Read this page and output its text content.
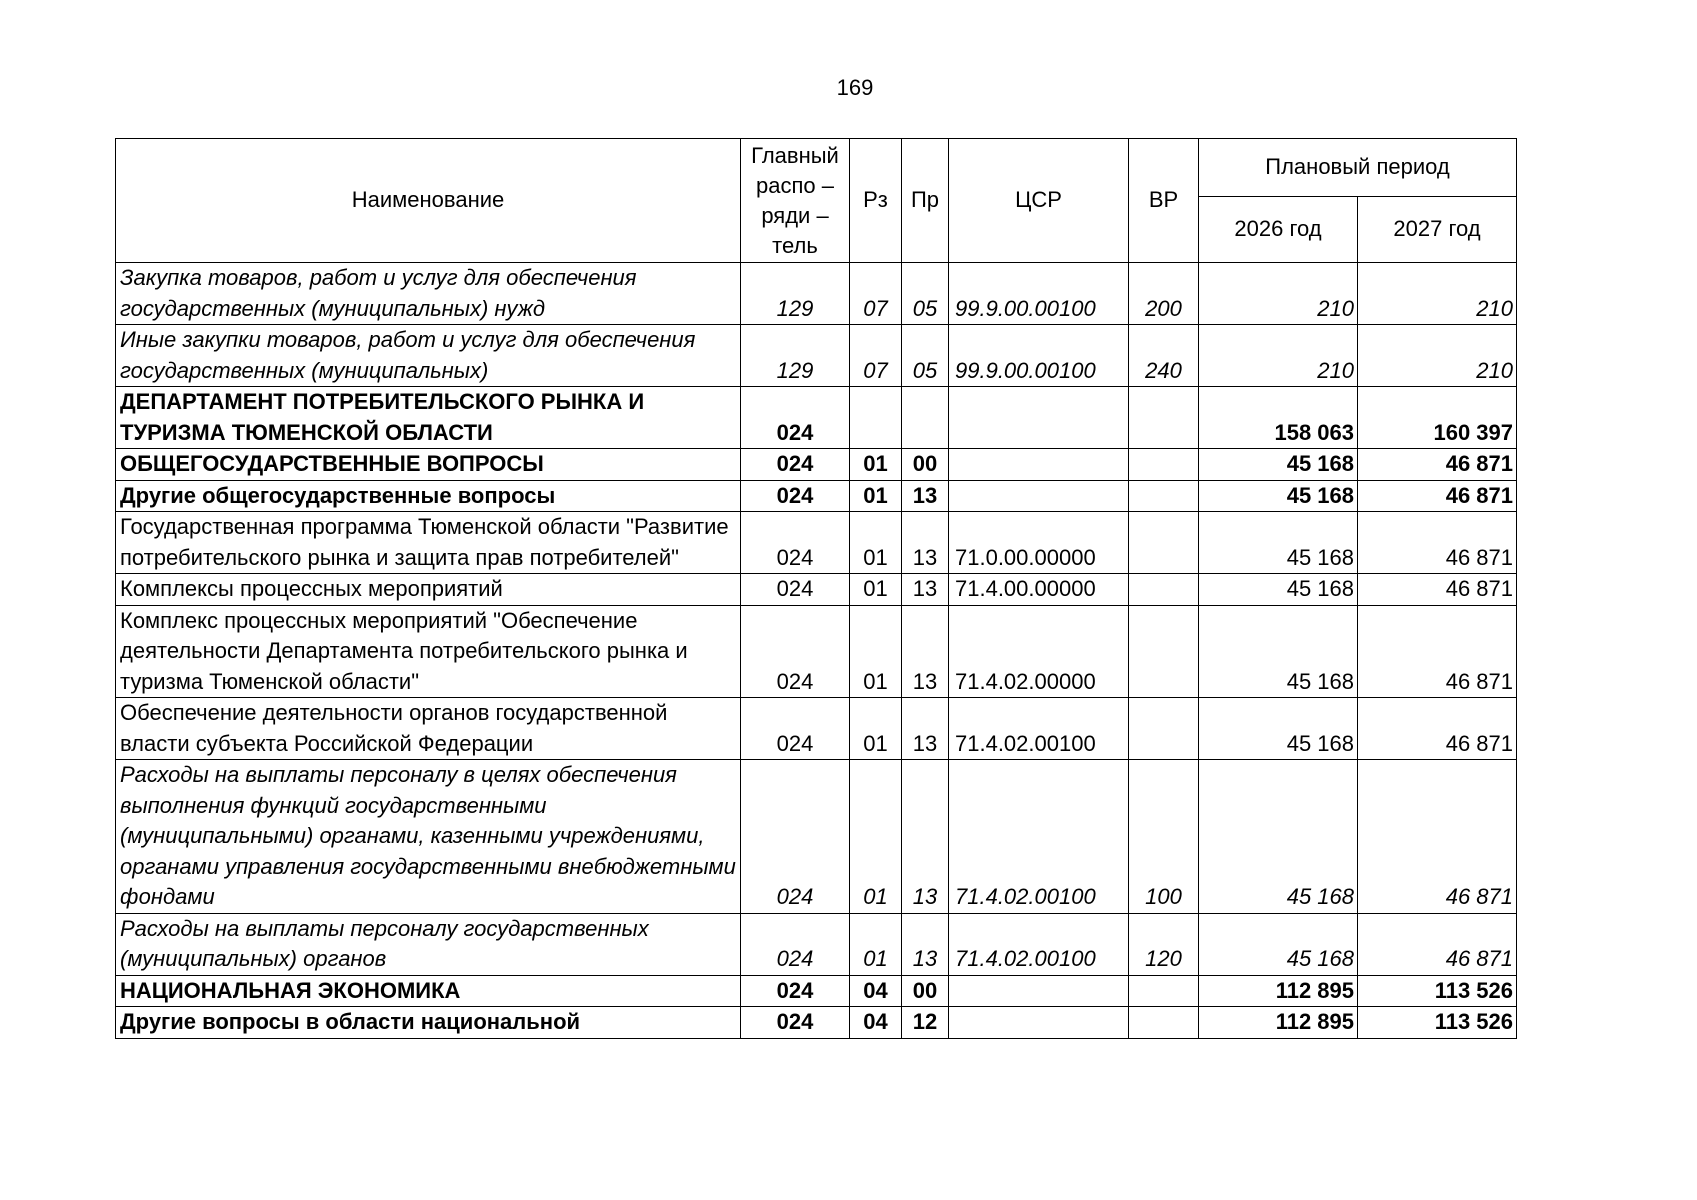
169
Наименование	Главный распо – ряди – тель	Рз	Пр	ЦСР	ВР	Плановый период	
						2026 год	2027 год
Закупка товаров, работ и услуг для обеспечения государственных (муниципальных) нужд	129	07	05	99.9.00.00100	200	210	210
Иные закупки товаров, работ и услуг для обеспечения государственных (муниципальных)	129	07	05	99.9.00.00100	240	210	210
ДЕПАРТАМЕНТ ПОТРЕБИТЕЛЬСКОГО РЫНКА И ТУРИЗМА ТЮМЕНСКОЙ ОБЛАСТИ	024					158 063	160 397
ОБЩЕГОСУДАРСТВЕННЫЕ ВОПРОСЫ	024	01	00			45 168	46 871
Другие общегосударственные вопросы	024	01	13			45 168	46 871
Государственная программа Тюменской области "Развитие потребительского рынка и защита прав потребителей"	024	01	13	71.0.00.00000		45 168	46 871
Комплексы процессных мероприятий	024	01	13	71.4.00.00000		45 168	46 871
Комплекс процессных мероприятий "Обеспечение деятельности Департамента потребительского рынка и туризма Тюменской области"	024	01	13	71.4.02.00000		45 168	46 871
Обеспечение деятельности органов государственной власти субъекта Российской Федерации	024	01	13	71.4.02.00100		45 168	46 871
Расходы на выплаты персоналу в целях обеспечения выполнения функций государственными (муниципальными) органами, казенными учреждениями, органами управления государственными внебюджетными фондами	024	01	13	71.4.02.00100	100	45 168	46 871
Расходы на выплаты персоналу государственных (муниципальных) органов	024	01	13	71.4.02.00100	120	45 168	46 871
НАЦИОНАЛЬНАЯ ЭКОНОМИКА	024	04	00			112 895	113 526
Другие вопросы в области национальной	024	04	12			112 895	113 526
